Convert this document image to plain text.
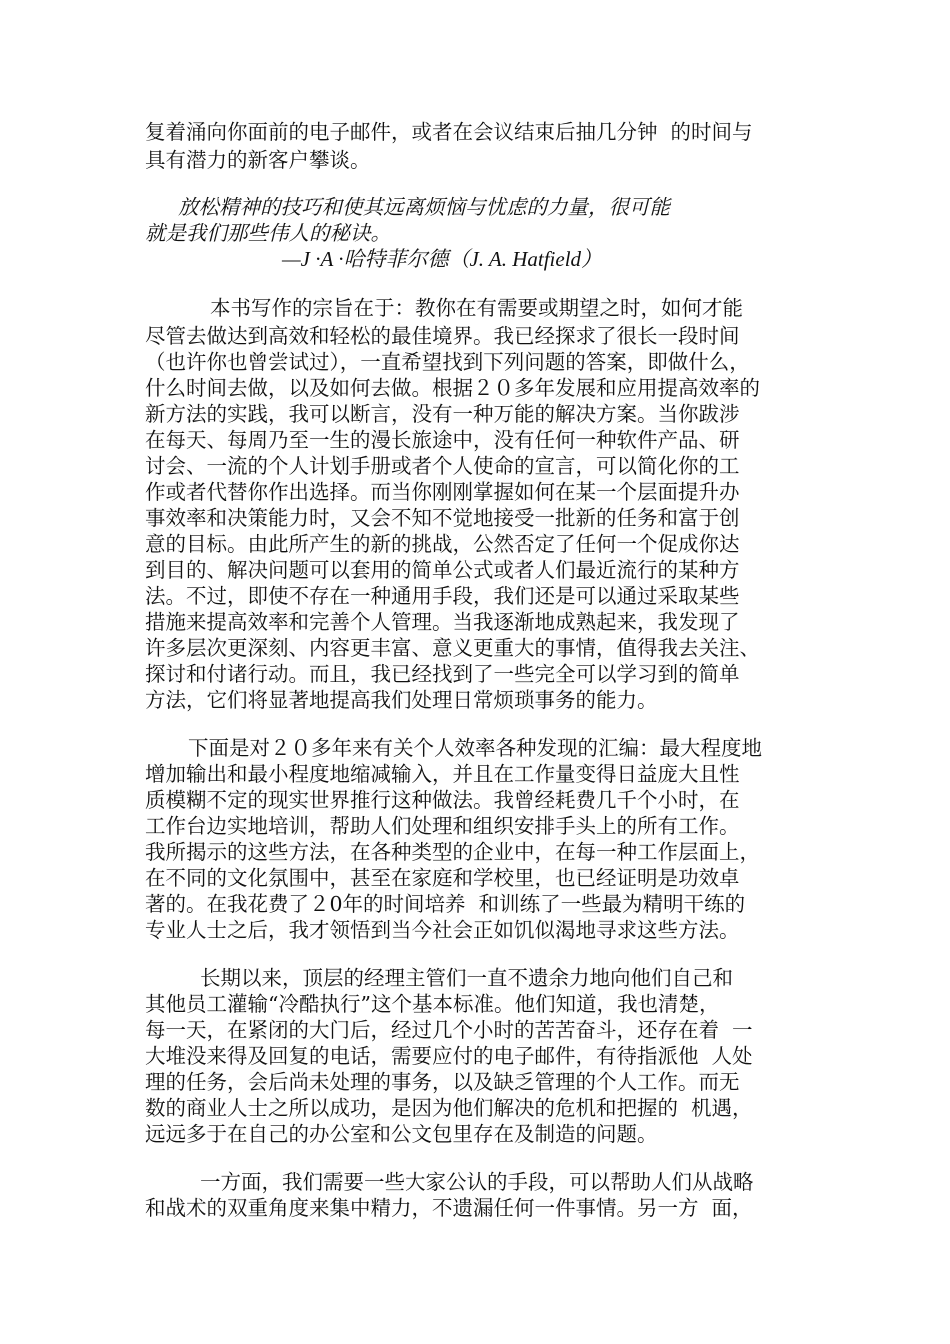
复着涌向你面前的电子邮件，或者在会议结束后抽几分钟  的时间与
具有潜力的新客户攀谈。
放松精神的技巧和使其远离烦恼与忧虑的力量，很可能
就是我们那些伟人的秘诀。
—J ·A ·哈特菲尔德（J. A. Hatfield）
本书写作的宗旨在于：教你在有需要或期望之时，如何才能
尽管去做达到高效和轻松的最佳境界。我已经探求了很长一段时间
（也许你也曾尝试过），一直希望找到下列问题的答案，即做什么，
什么时间去做，以及如何去做。根据２０多年发展和应用提高效率的
新方法的实践，我可以断言，没有一种万能的解决方案。当你跋涉
在每天、每周乃至一生的漫长旅途中，没有任何一种软件产品、研
讨会、一流的个人计划手册或者个人使命的宣言，可以简化你的工
作或者代替你作出选择。而当你刚刚掌握如何在某一个层面提升办
事效率和决策能力时，又会不知不觉地接受一批新的任务和富于创
意的目标。由此所产生的新的挑战，公然否定了任何一个促成你达
到目的、解决问题可以套用的简单公式或者人们最近流行的某种方
法。不过，即使不存在一种通用手段，我们还是可以通过采取某些
措施来提高效率和完善个人管理。当我逐渐地成熟起来，我发现了
许多层次更深刻、内容更丰富、意义更重大的事情，值得我去关注、
探讨和付诸行动。而且，我已经找到了一些完全可以学习到的简单
方法，它们将显著地提高我们处理日常烦琐事务的能力。
下面是对２０多年来有关个人效率各种发现的汇编：最大程度地
增加输出和最小程度地缩减输入，并且在工作量变得日益庞大且性
质模糊不定的现实世界推行这种做法。我曾经耗费几千个小时，在
工作台边实地培训，帮助人们处理和组织安排手头上的所有工作。
我所揭示的这些方法，在各种类型的企业中，在每一种工作层面上，
在不同的文化氛围中，甚至在家庭和学校里，也已经证明是功效卓
著的。在我花费了２0年的时间培养  和训练了一些最为精明干练的
专业人士之后，我才领悟到当今社会正如饥似渴地寻求这些方法。
长期以来，顶层的经理主管们一直不遗余力地向他们自己和
其他员工灌输“冷酷执行”这个基本标准。他们知道，我也清楚，
每一天，在紧闭的大门后，经过几个小时的苦苦奋斗，还存在着  一
大堆没来得及回复的电话，需要应付的电子邮件，有待指派他  人处
理的任务，会后尚未处理的事务，以及缺乏管理的个人工作。而无
数的商业人士之所以成功，是因为他们解决的危机和把握的  机遇，
远远多于在自己的办公室和公文包里存在及制造的问题。
一方面，我们需要一些大家公认的手段，可以帮助人们从战略
和战术的双重角度来集中精力，不遗漏任何一件事情。另一方  面，
